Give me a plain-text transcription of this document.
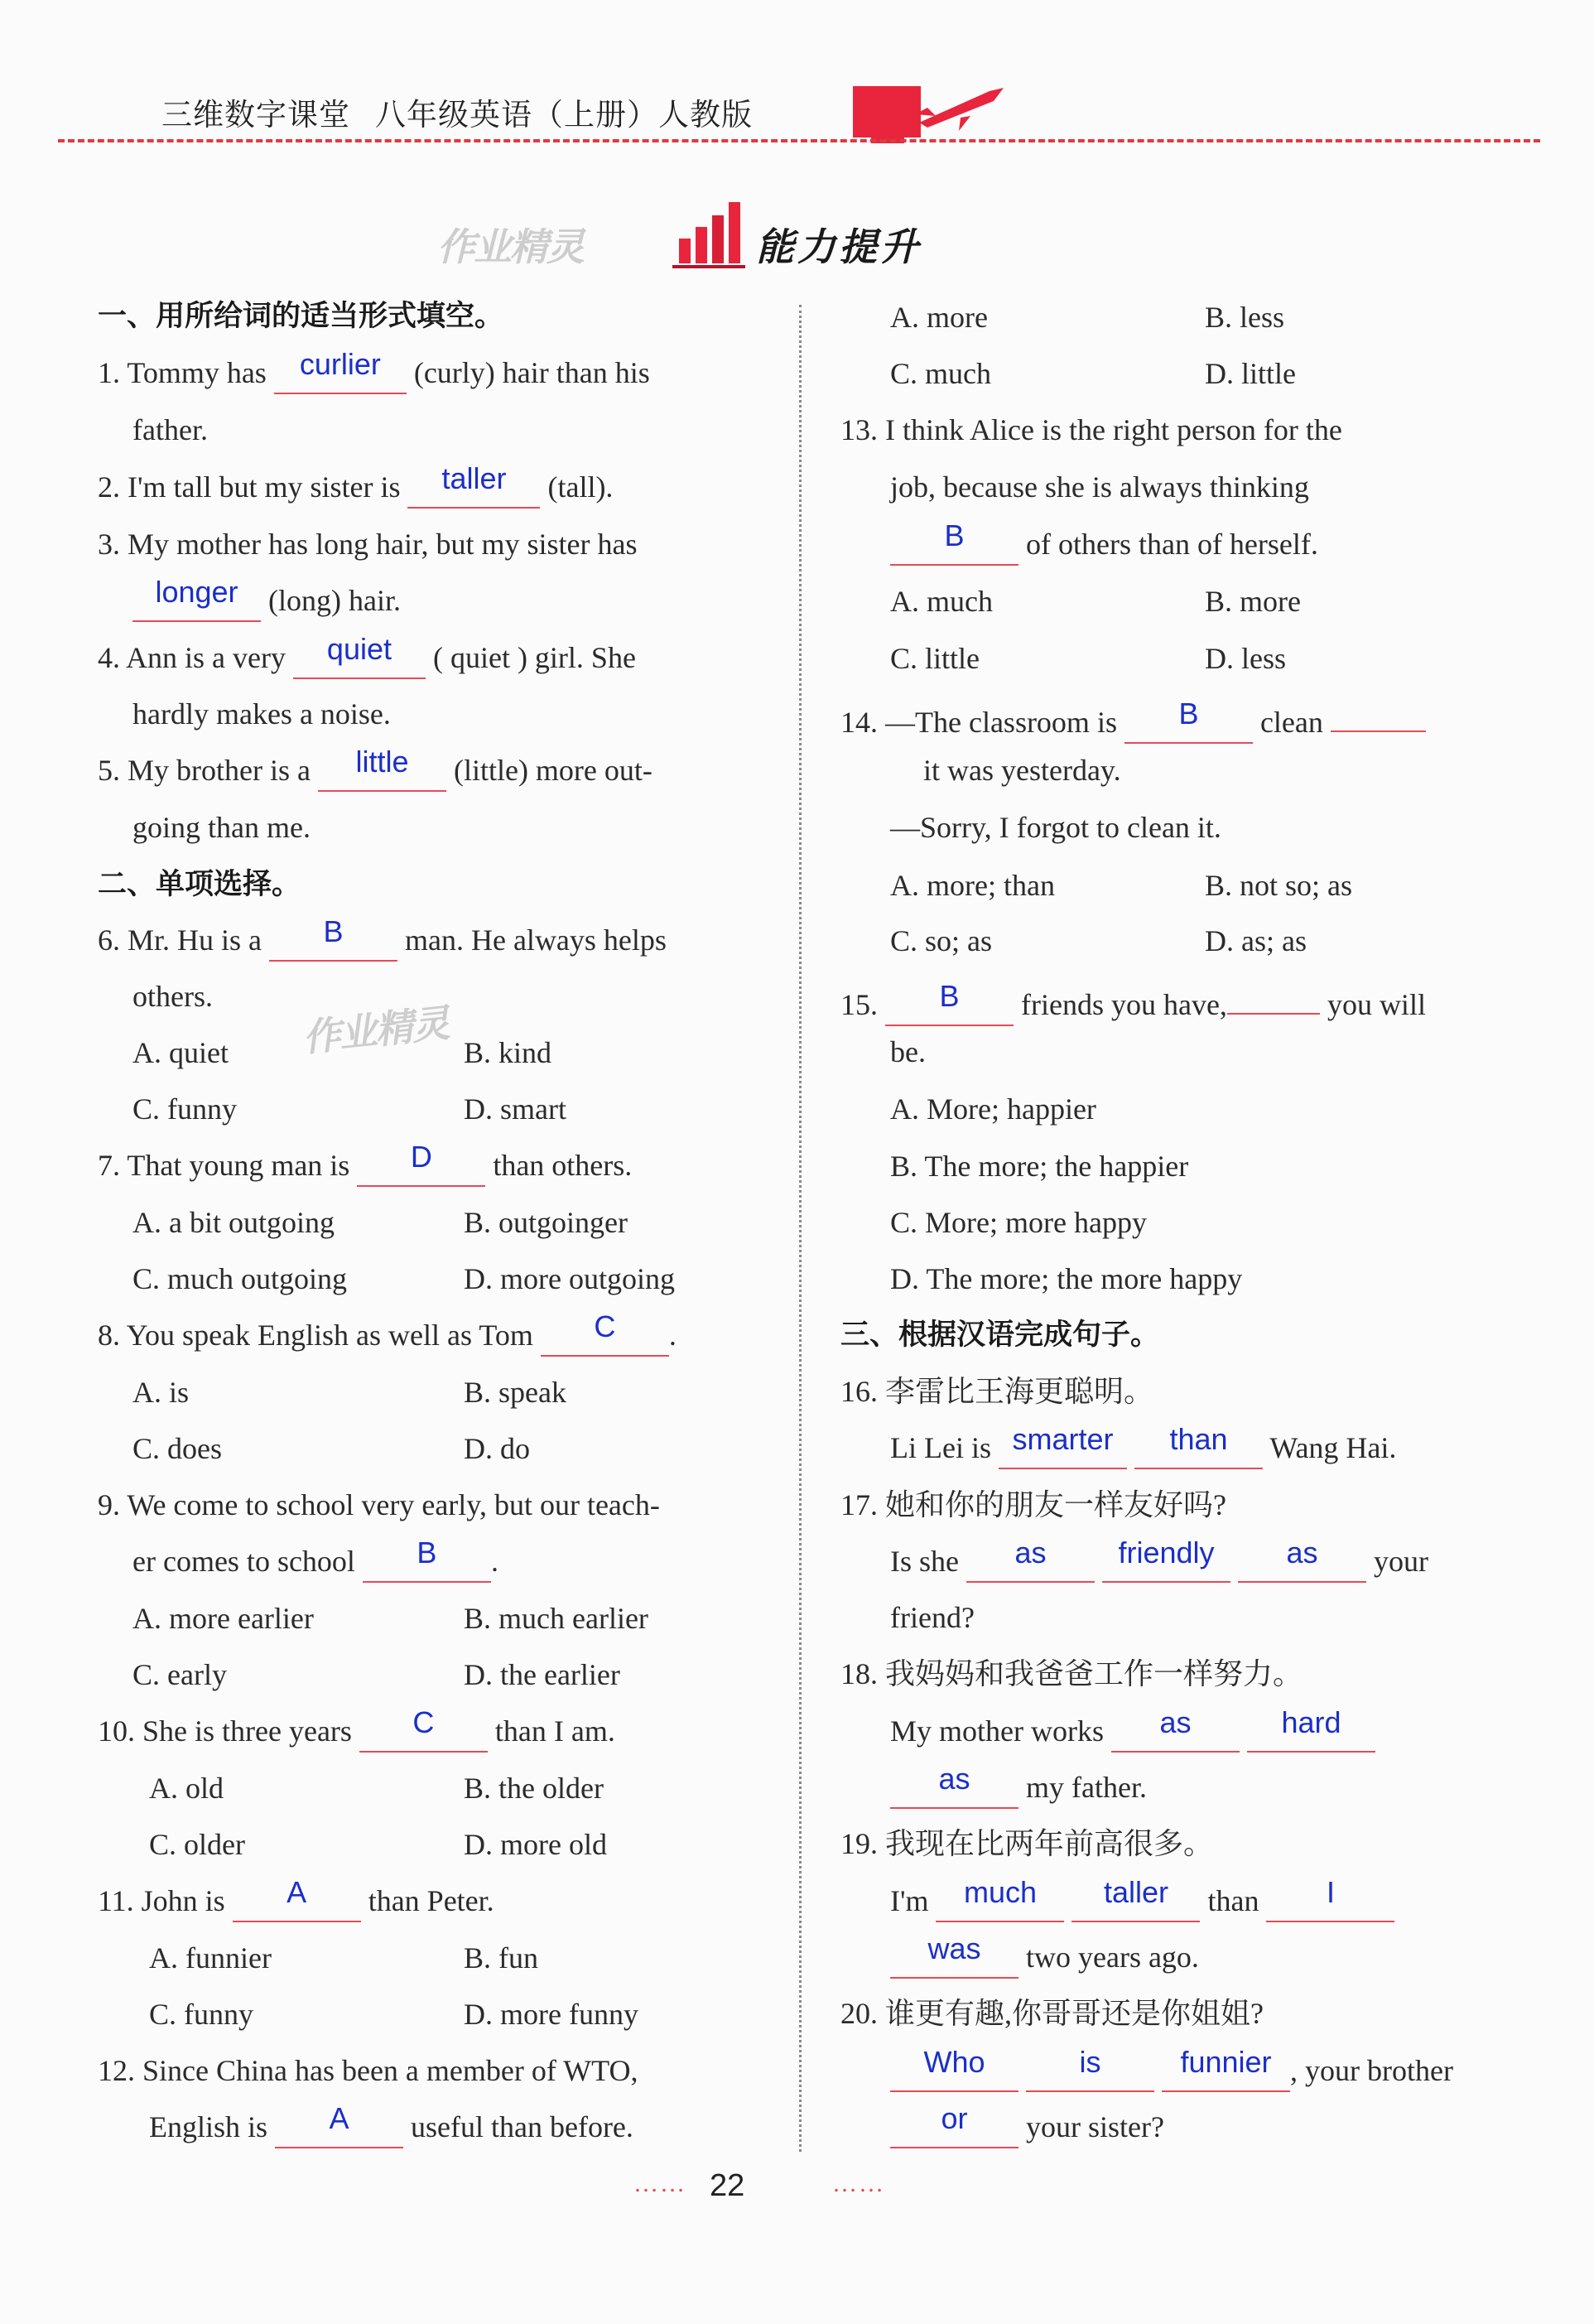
三维数字课堂 八年级英语（上册）人教版
作业精灵	能力提升
作业精灵
一、用所给词的适当形式填空。
1. Tommy has curlier (curly) hair than his
father.
2. I'm tall but my sister is taller (tall).
3. My mother has long hair, but my sister has
longer (long) hair.
4. Ann is a very quiet ( quiet ) girl. She
hardly makes a noise.
5. My brother is a little (little) more out-
going than me.
二、单项选择。
6. Mr. Hu is a B man. He always helps
others.
A. quiet	B. kind
C. funny	D. smart
7. That young man is D than others.
A. a bit outgoing	B. outgoinger
C. much outgoing	D. more outgoing
8. You speak English as well as Tom C .
A. is	B. speak
C. does	D. do
9. We come to school very early, but our teach-
er comes to school B .
A. more earlier	B. much earlier
C. early	D. the earlier
10. She is three years C than I am.
A. old	B. the older
C. older	D. more old
11. John is A than Peter.
A. funnier	B. fun
C. funny	D. more funny
12. Since China has been a member of WTO,
English is A useful than before.
A. more	B. less
C. much	D. little
13. I think Alice is the right person for the
job, because she is always thinking
B of others than of herself.
A. much	B. more
C. little	D. less
14. —The classroom is B clean
it was yesterday.
—Sorry, I forgot to clean it.
A. more; than	B. not so; as
C. so; as	D. as; as
15. B friends you have,	you will
be.
A. More; happier
B. The more; the happier
C. More; more happy
D. The more; the more happy
三、根据汉语完成句子。
16. 李雷比王海更聪明。
Li Lei is smarter than Wang Hai.
17. 她和你的朋友一样友好吗?
Is she as friendly as your
friend?
18. 我妈妈和我爸爸工作一样努力。
My mother works as	hard
as my father.
19. 我现在比两年前高很多。
I'm much taller than I
was two years ago.
20. 谁更有趣,你哥哥还是你姐姐?
Who	is	funnier , your brother
or your sister?
…… 22	……
